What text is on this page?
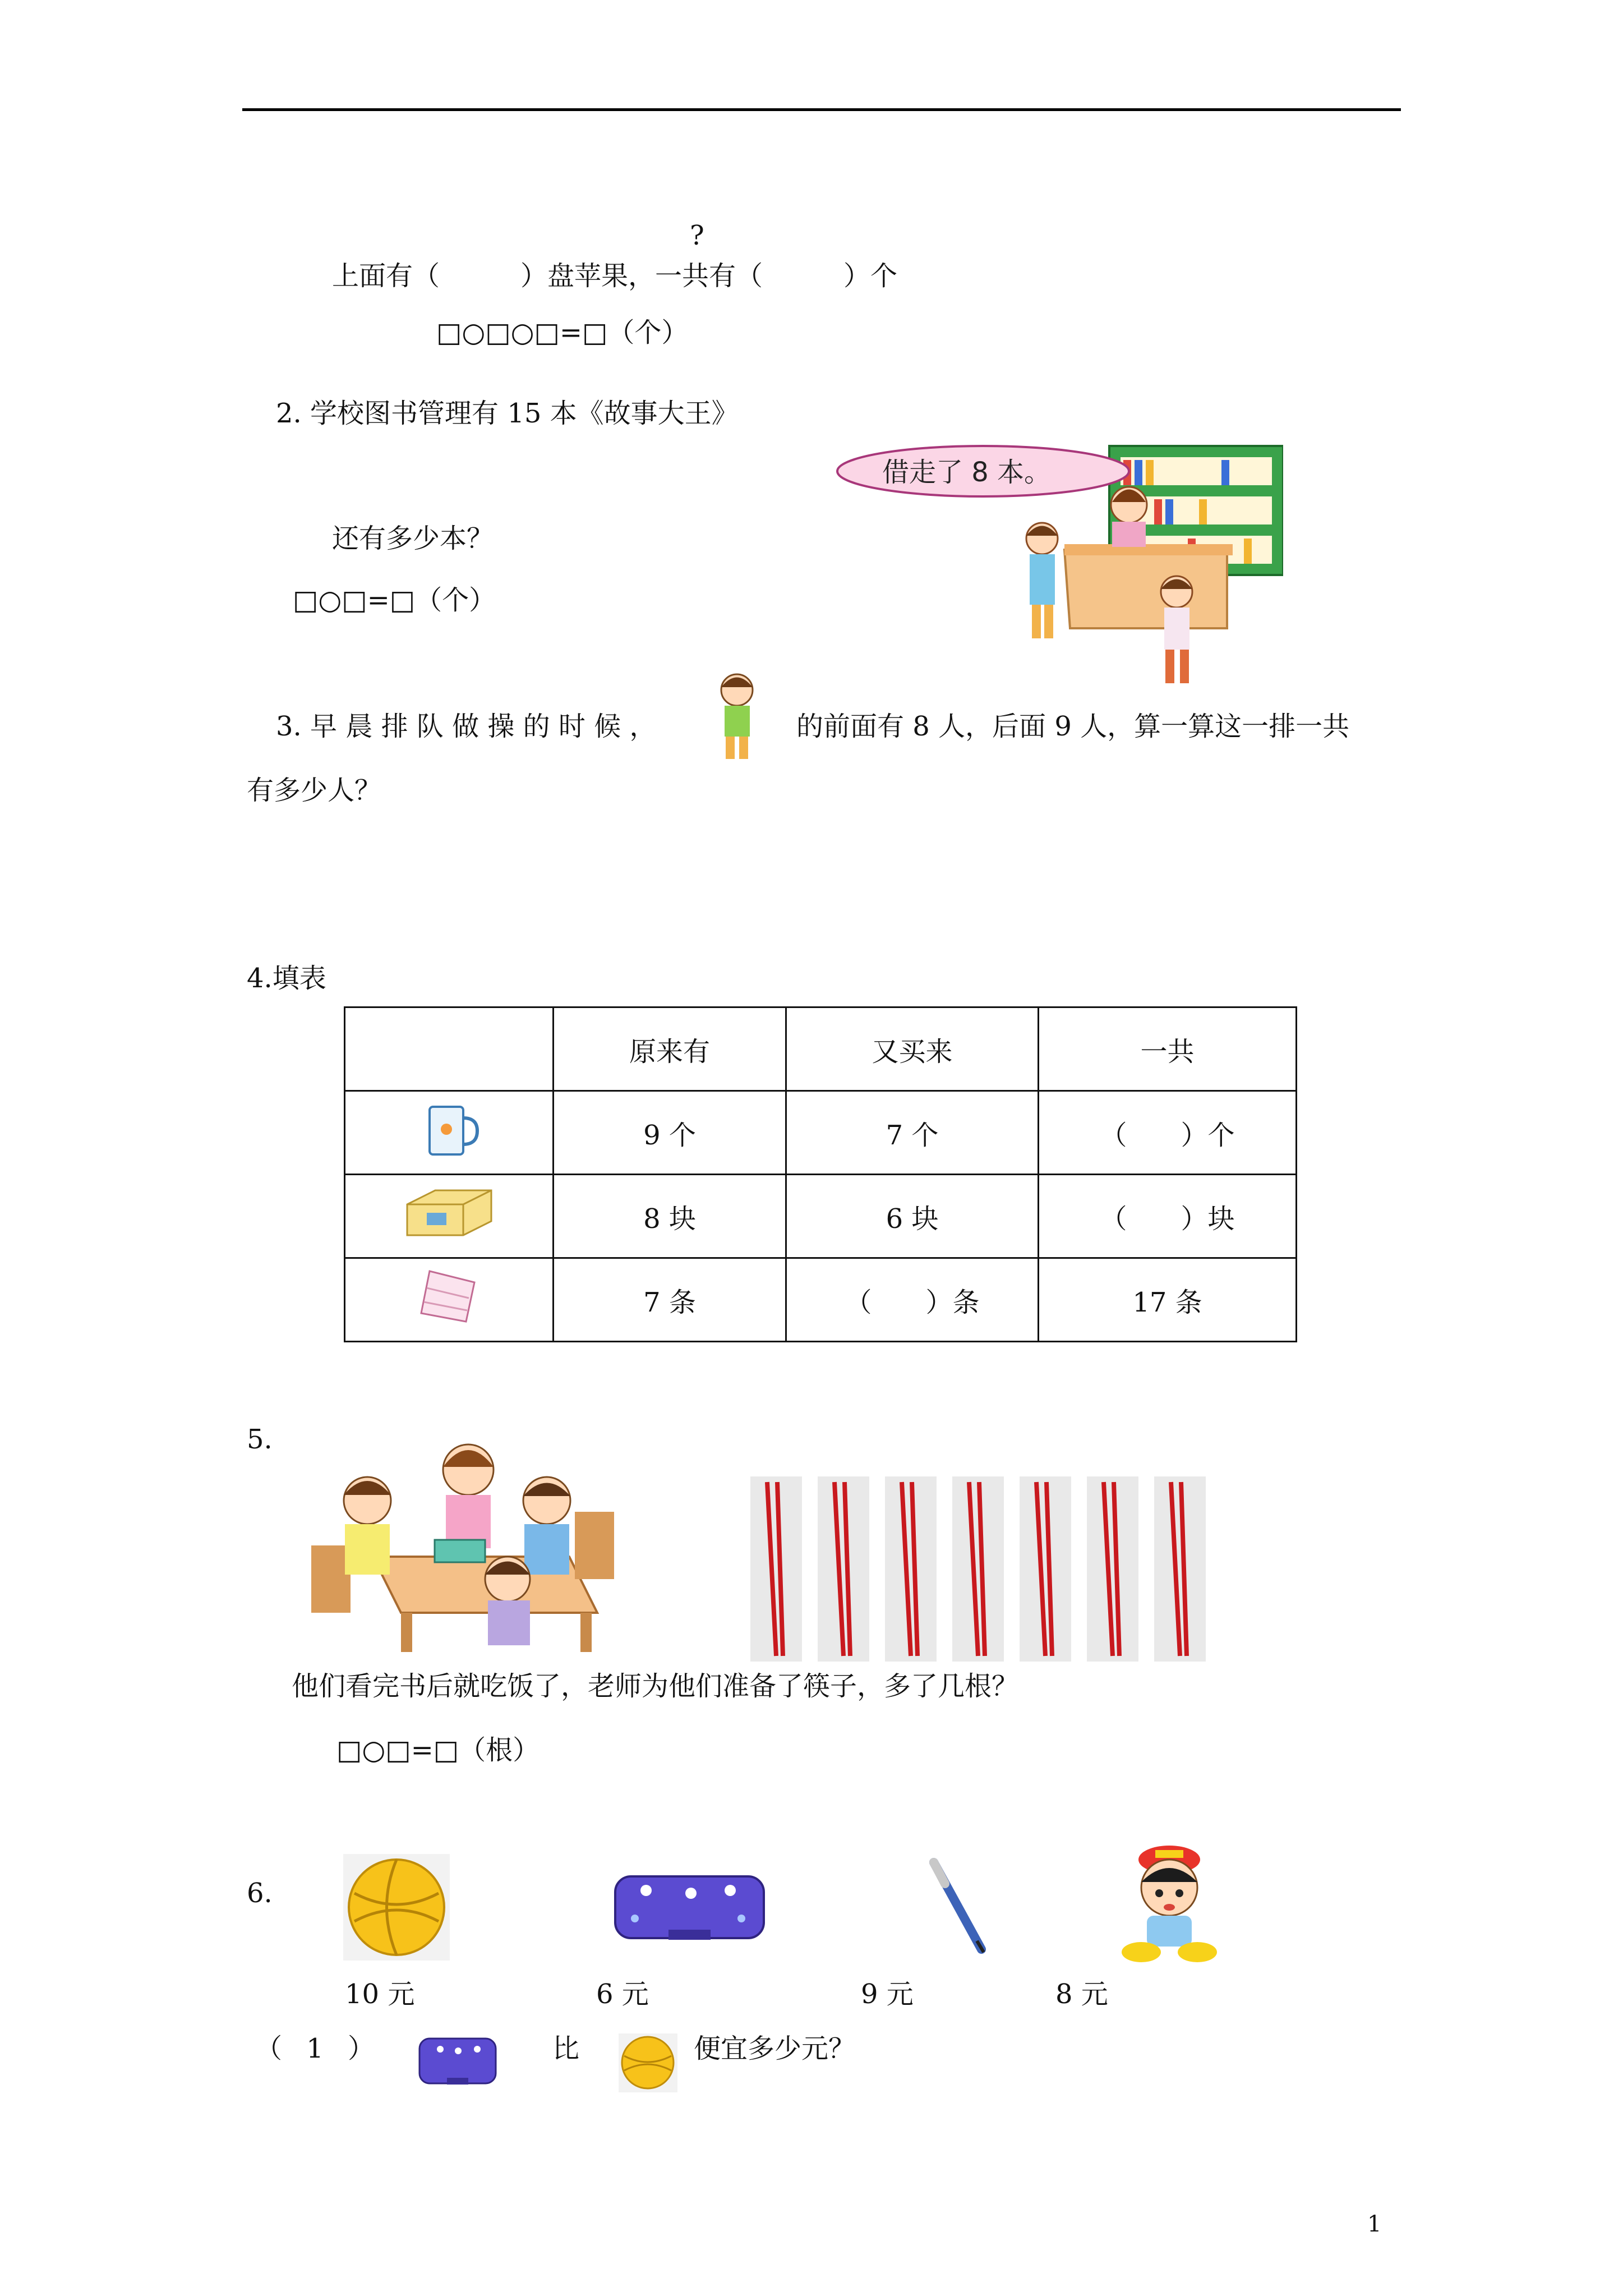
?
上面有（　　　）盘苹果，一共有（　　　）个
□○□○□=□（个）
2. 学校图书管理有 15 本《故事大王》
借走了 8 本。
还有多少本？
□○□=□（个）
3. 早 晨 排 队 做 操 的 时 候 ，	的前面有 8 人，后面 9 人，算一算这一排一共
有多少人？
4.填表
	原来有	又买来	一共
	9 个	7 个	（　　）个
	8 块	6 块	（　　）块
	7 条	（　　）条	17 条
5.
他们看完书后就吃饭了，老师为他们准备了筷子，多了几根？
□○□=□（根）
6.
10 元	6 元	9 元	8 元
（ 1 ）	比	便宜多少元？
1
